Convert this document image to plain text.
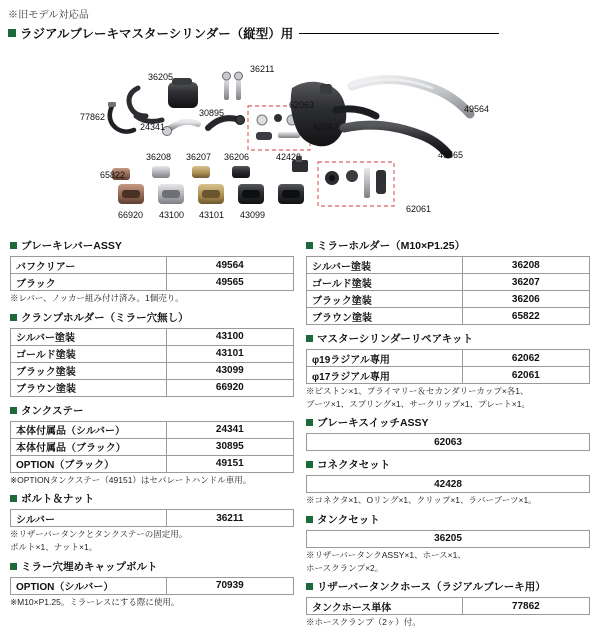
※旧モデル対応品
ラジアルブレーキマスターシリンダー（縦型）用
36205
77862
24341
30895
36211
62063
62062
49564
49565
42428
62061
36208 36207 36206
65822
66920 43100 43101 43099
ブレーキレバーASSY
バフクリアー	49564
ブラック	49565

※レバー、ノッカー組み付け済み。1個売り。

クランプホルダー（ミラー穴無し）
シルバー塗装	43100
ゴールド塗装	43101
ブラック塗装	43099
ブラウン塗装	66920
タンクステー
本体付属品（シルバー）	24341
本体付属品（ブラック）	30895
OPTION（ブラック）	49151

※OPTIONタンクステー（49151）はセパレートハンドル車用。

ボルト＆ナット
シルバー	36211

※リザーバータンクとタンクステーの固定用。

ボルト×1、ナット×1。

ミラー穴埋めキャップボルト
OPTION（シルバー）	70939

※M10×P1.25。ミラーレスにする際に使用。

ミラーホルダー（M10×P1.25）
シルバー塗装	36208
ゴールド塗装	36207
ブラック塗装	36206
ブラウン塗装	65822
マスターシリンダーリペアキット
φ19ラジアル専用	62062
φ17ラジアル専用	62061

※ピストン×1、プライマリー＆セカンダリーカップ×各1、

ブーツ×1、スプリング×1、サークリップ×1、プレート×1。

ブレーキスイッチASSY
62063
コネクタセット
42428

※コネクタ×1、Oリング×1、クリップ×1、ラバーブーツ×1。

タンクセット
36205

※リザーバータンクASSY×1、ホース×1、

ホースクランプ×2。

リザーバータンクホース（ラジアルブレーキ用）
タンクホース単体	77862

※ホースクランプ（2ヶ）付。
